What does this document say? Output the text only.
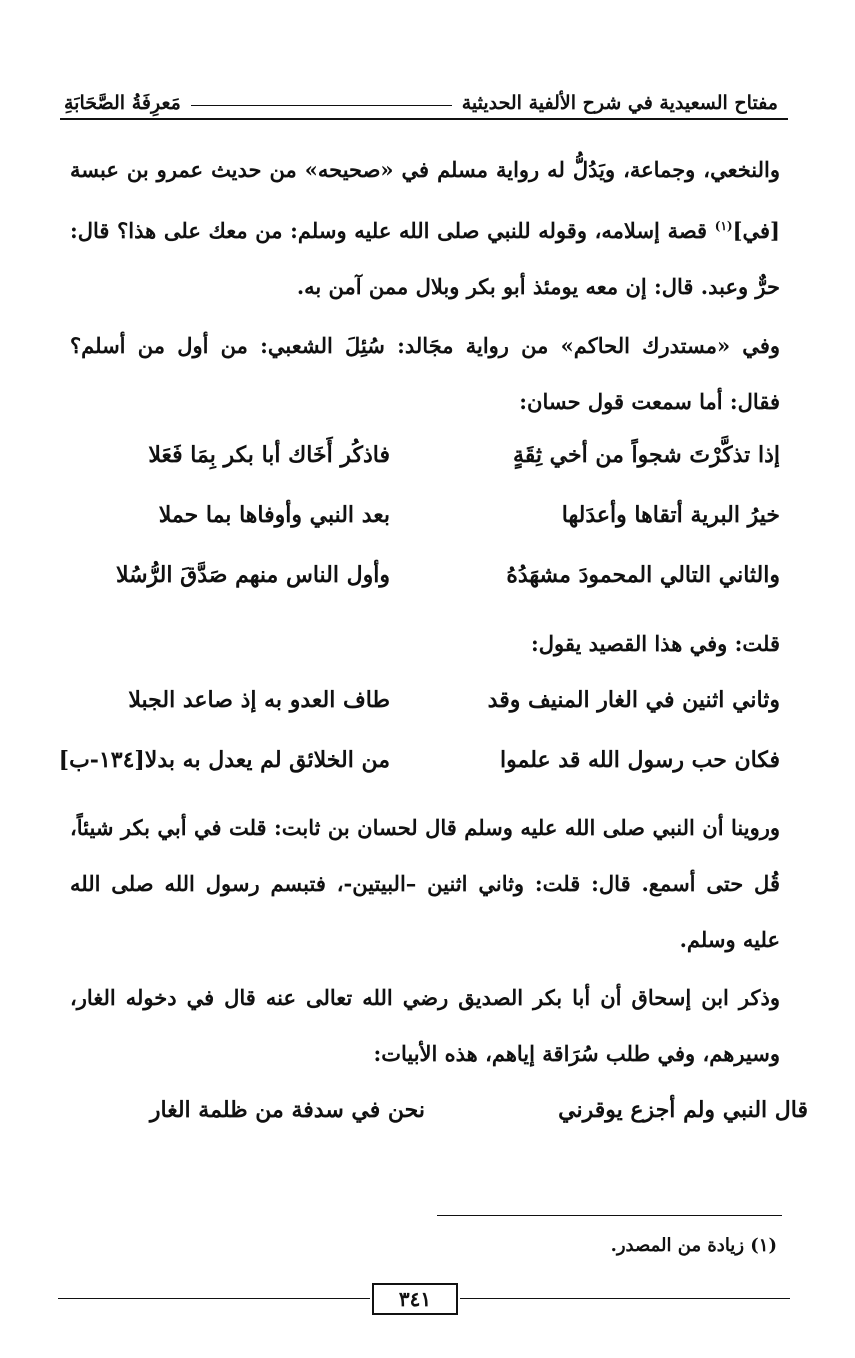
مفتاح السعيدية في شرح الألفية الحديثية
مَعرِفَةُ الصَّحَابَةِ

والنخعي، وجماعة، ويَدُلُّ له رواية مسلم في «صحيحه» من حديث عمرو بن عبسة [في]$^{(١)}$ قصة إسلامه، وقوله للنبي صلى الله عليه وسلم: من معك على هذا؟ قال: حرٌّ وعبد. قال: إن معه يومئذ أبو بكر وبلال ممن آمن به.

وفي «مستدرك الحاكم» من رواية مجَالد: سُئِلَ الشعبي: من أول من أسلم؟ فقال: أما سمعت قول حسان:

إذا تذكَّرْتَ شجواً من أخي ثِقَةٍ
فاذكُر أَخَاك أبا بكر بِمَا فَعَلا
خيرُ البرية أتقاها وأعدَلها
بعد النبي وأوفاها بما حملا
والثاني التالي المحمودَ مشهَدُهُ
وأول الناس منهم صَدَّقَ الرُّسُلا

قلت: وفي هذا القصيد يقول:

وثاني اثنين في الغار المنيف وقد
طاف العدو به إذ صاعد الجبلا
فكان حب رسول الله قد علموا
من الخلائق لم يعدل به بدلا[١٣٤-ب]

وروينا أن النبي صلى الله عليه وسلم قال لحسان بن ثابت: قلت في أبي بكر شيئاً، قُل حتى أسمع. قال: قلت: وثاني اثنين –البيتين-، فتبسم رسول الله صلى الله عليه وسلم.

وذكر ابن إسحاق أن أبا بكر الصديق رضي الله تعالى عنه قال في دخوله الغار، وسيرهم، وفي طلب سُرَاقة إياهم، هذه الأبيات:

قال النبي ولم أجزع يوقرني
نحن في سدفة من ظلمة الغار
(١) زيادة من المصدر.
٣٤١
